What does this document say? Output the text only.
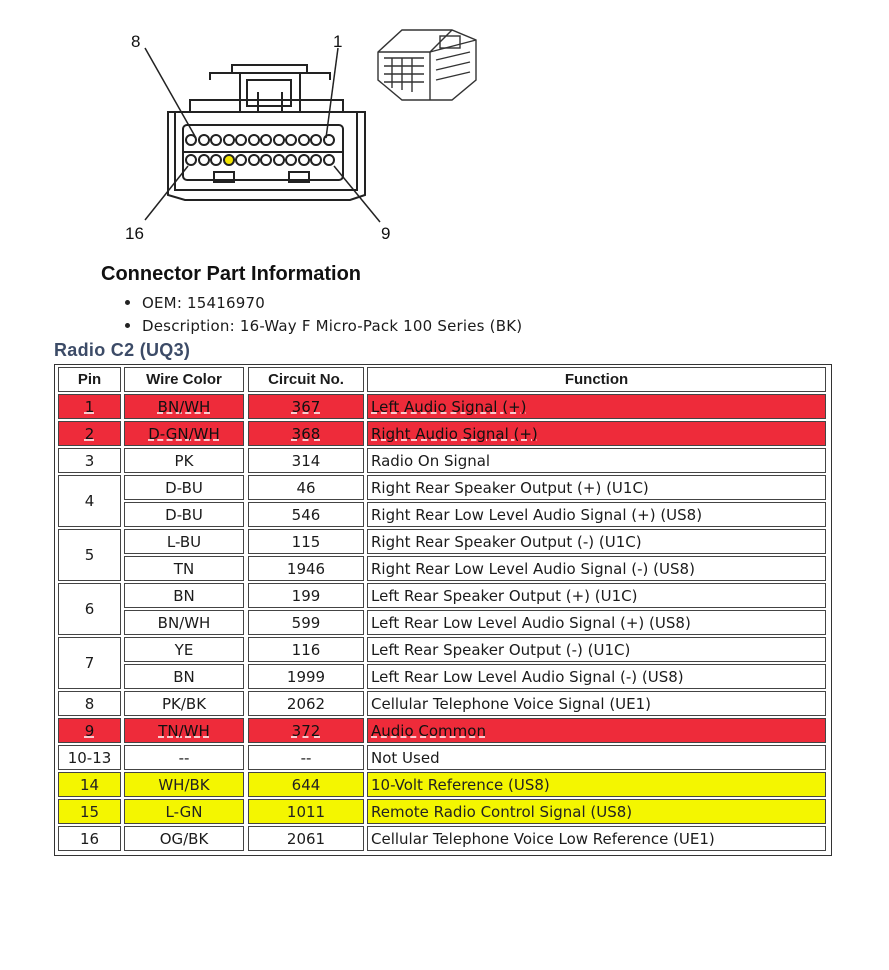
8	1
16	9
Connector Part Information
OEM: 15416970
Description: 16-Way F Micro-Pack 100 Series (BK)
Radio C2 (UQ3)
Pin	Wire Color	Circuit No.	Function
1	BN/WH	367	Left Audio Signal (+)
2	D-GN/WH	368	Right Audio Signal (+)
3	PK	314	Radio On Signal
4
D-BU	46	Right Rear Speaker Output (+) (U1C)
D-BU	546	Right Rear Low Level Audio Signal (+) (US8)
5
L-BU	115	Right Rear Speaker Output (-) (U1C)
TN	1946	Right Rear Low Level Audio Signal (-) (US8)
6
BN	199	Left Rear Speaker Output (+) (U1C)
BN/WH	599	Left Rear Low Level Audio Signal (+) (US8)
7
YE	116	Left Rear Speaker Output (-) (U1C)
BN	1999	Left Rear Low Level Audio Signal (-) (US8)
8	PK/BK	2062	Cellular Telephone Voice Signal (UE1)
9	TN/WH	372	Audio Common
10-13	--	--	Not Used
14	WH/BK	644	10-Volt Reference (US8)
15	L-GN	1011	Remote Radio Control Signal (US8)
16	OG/BK	2061	Cellular Telephone Voice Low Reference (UE1)
